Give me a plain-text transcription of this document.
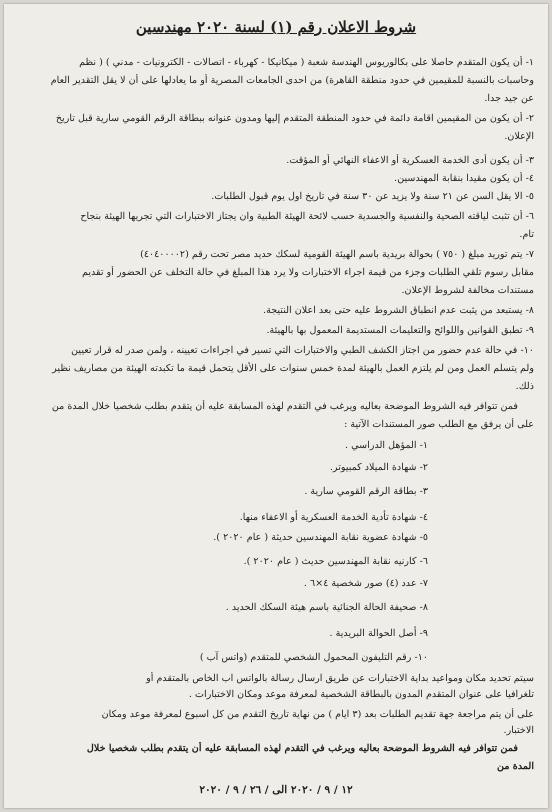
شروط الاعلان رقم (١) لسنة ٢٠٢٠ مهندسين
١- أن يكون المتقدم حاصلا على بكالوريوس الهندسة شعبة ( ميكانيكا - كهرباء - اتصالات - الكترونيات - مدني ) ( نظم
وحاسبات بالنسبة للمقيمين في حدود منطقة القاهرة) من احدى الجامعات المصرية أو ما يعادلها على أن لا يقل التقدير العام
عن جيد جدا.
٢- أن يكون من المقيمين اقامة دائمة في حدود المنطقة المتقدم إليها ومدون عنوانه ببطاقة الرقم القومي سارية قبل تاريخ
الإعلان.
٣- أن يكون أدى الخدمة العسكرية أو الاعفاء النهائي أو المؤقت.
٤- أن يكون مقيدا بنقابة المهندسين.
٥- الا يقل السن عن ٢١ سنة ولا يزيد عن ٣٠ سنة في تاريخ اول يوم قبول الطلبات.
٦- أن تثبت لياقته الصحية والنفسية والجسدية حسب لائحة الهيئة الطبية وان يجتاز الاختبارات التي تجريها الهيئة بنجاح
تام.
٧- يتم توريد مبلغ ( ٧٥٠ ) بحوالة بريدية باسم الهيئة القومية لسكك حديد مصر تحت رقم (٤٠٤٠٠٠٠٢)
مقابل رسوم تلقي الطلبات وجزء من قيمة اجراء الاختبارات ولا يرد هذا المبلغ في حالة التخلف عن الحضور أو تقديم
مستندات مخالفة لشروط الإعلان.
٨- يستبعد من يثبت عدم انطباق الشروط عليه حتى بعد اعلان النتيجة.
٩- تطبق القوانين واللوائح والتعليمات المستديمة المعمول بها بالهيئة.
١٠- في حالة عدم حضور من اجتاز الكشف الطبي والاختبارات التي تسير في اجراءات تعيينه ، ولمن صدر له قرار تعيين
ولم يتسلم العمل ومن لم يلتزم العمل بالهيئة لمدة خمس سنوات على الأقل يتحمل قيمة ما تكبدته الهيئة من مصاريف نظير
ذلك.
فمن تتوافر فيه الشروط الموضحة بعاليه ويرغب في التقدم لهذه المسابقة عليه أن يتقدم بطلب شخصيا خلال المدة من
على أن يرفق مع الطلب صور المستندات الآتية :
١- المؤهل الدراسي .
٢- شهادة الميلاد كمبيوتر.
٣- بطاقة الرقم القومي سارية .
٤- شهادة تأدية الخدمة العسكرية أو الاعفاء منها.
٥- شهادة عضوية نقابة المهندسين حديثة ( عام ٢٠٢٠ ).
٦- كارنيه نقابة المهندسين حديث ( عام ٢٠٢٠ ).
٧- عدد (٤) صور شخصية ٤×٦ .
٨- صحيفة الحالة الجنائية باسم هيئة السكك الحديد .
٩- أصل الحوالة البريدية .
١٠- رقم التليفون المحمول الشخصي للمتقدم (واتس آب )
سيتم تحديد مكان ومواعيد بداية الاختبارات عن طريق ارسال رسالة بالواتس اب الخاص بالمتقدم أو
تلغرافيا على عنوان المتقدم المدون بالبطاقة الشخصية لمعرفة موعد ومكان الاختبارات .
على أن يتم مراجعة جهة تقديم الطلبات بعد (٣ ايام ) من نهاية تاريخ التقدم من كل اسبوع لمعرفة موعد ومكان
الاختبار.
فمن تتوافر فيه الشروط الموضحة بعاليه ويرغب في التقدم لهذه المسابقة عليه أن يتقدم بطلب شخصيا خلال
المدة من
١٢ / ٩ / ٢٠٢٠ الى / ٢٦ / ٩ / ٢٠٢٠
